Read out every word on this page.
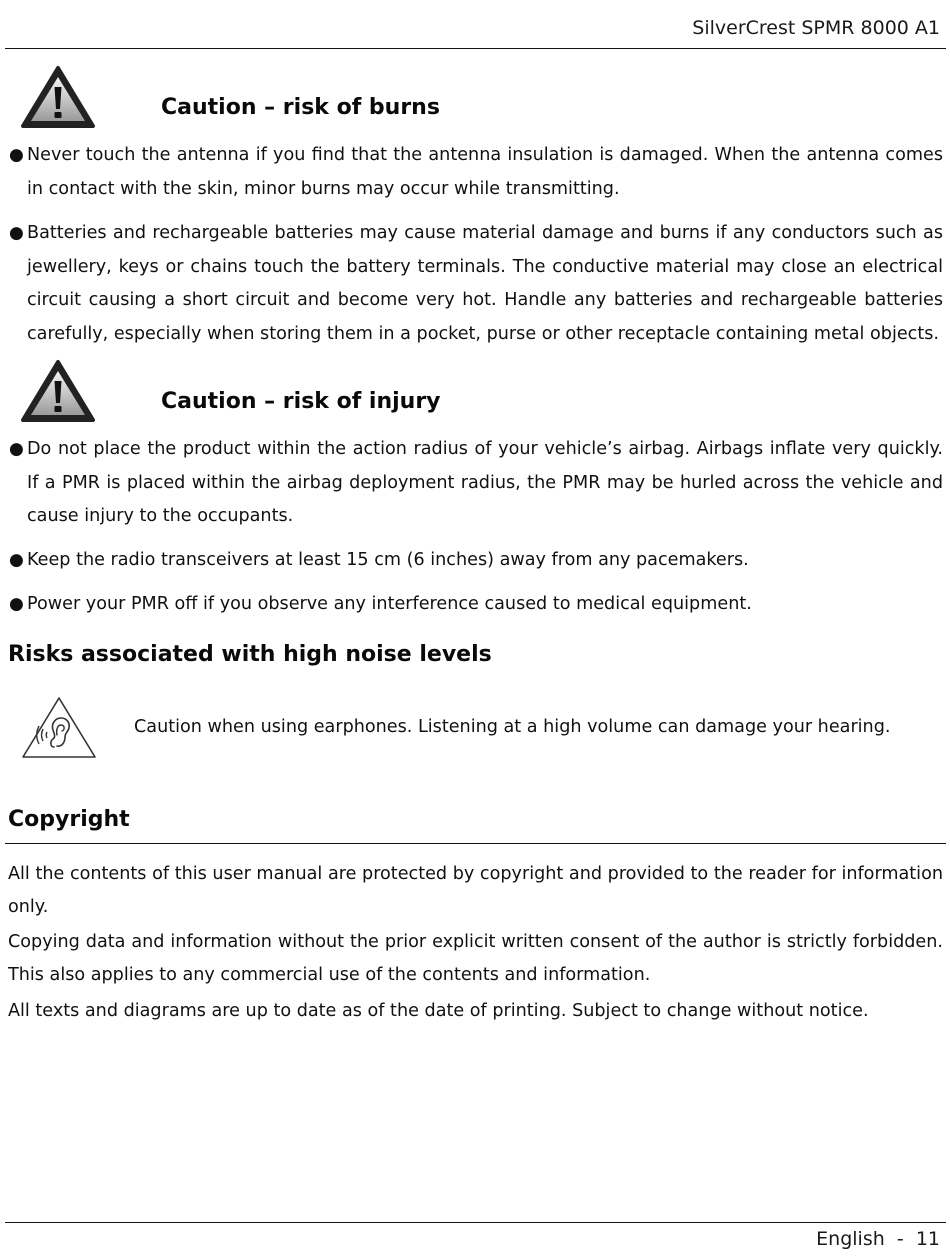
SilverCrest SPMR 8000 A1
Caution – risk of burns
● Never touch the antenna if you find that the antenna insulation is damaged. When the antenna comes in contact with the skin, minor burns may occur while transmitting.
● Batteries and rechargeable batteries may cause material damage and burns if any conductors such as jewellery, keys or chains touch the battery terminals. The conductive material may close an electrical circuit causing a short circuit and become very hot. Handle any batteries and rechargeable batteries carefully, especially when storing them in a pocket, purse or other receptacle containing metal objects.
Caution – risk of injury
● Do not place the product within the action radius of your vehicle’s airbag. Airbags inflate very quickly. If a PMR is placed within the airbag deployment radius, the PMR may be hurled across the vehicle and cause injury to the occupants.
● Keep the radio transceivers at least 15 cm (6 inches) away from any pacemakers.
● Power your PMR off if you observe any interference caused to medical equipment.
Risks associated with high noise levels
Caution when using earphones. Listening at a high volume can damage your hearing.
Copyright
All the contents of this user manual are protected by copyright and provided to the reader for information only.
Copying data and information without the prior explicit written consent of the author is strictly forbidden. This also applies to any commercial use of the contents and information.
All texts and diagrams are up to date as of the date of printing. Subject to change without notice.
English - 11
